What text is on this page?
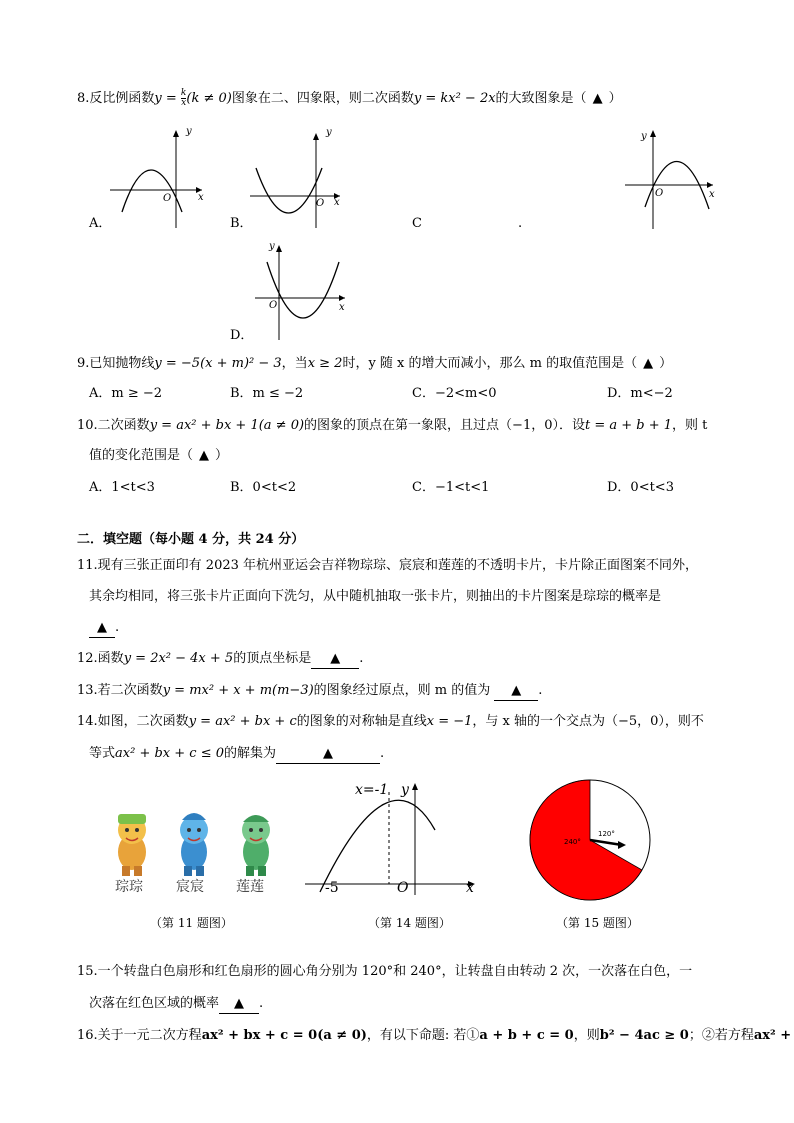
8.反比例函数$y = \frac{k}{x} (k \ne 0)$图象在二、四象限，则二次函数y = kx² − 2x的大致图象是（ ▲ ）
x
y
O
A．
x
y
O
B．	C	.
x
y
O
x
y
O
D．
9.已知抛物线y = −5(x + m)² − 3，当x ≥ 2时，y 随 x 的增大而减小，那么 m 的取值范围是（ ▲ ）
A．m ≥ −2	B．m ≤ −2	C．−2<m<0	D．m<−2
10.二次函数y = ax² + bx + 1(a ≠ 0)的图象的顶点在第一象限，且过点（−1，0）．设t = a + b + 1，则 t
值的变化范围是（ ▲ ）
A．1<t<3	B．0<t<2	C．−1<t<1	D．0<t<3
二．填空题（每小题 4 分，共 24 分）
11.现有三张正面印有 2023 年杭州亚运会吉祥物琮琮、宸宸和莲莲的不透明卡片，卡片除正面图案不同外，
其余均相同，将三张卡片正面向下洗匀，从中随机抽取一张卡片，则抽出的卡片图案是琮琮的概率是
▲ .
12.函数y = 2x² − 4x + 5的顶点坐标是 ▲ .
13.若二次函数y = mx² + x + m(m−3)的图象经过原点，则 m 的值为 ▲ .
14.如图，二次函数y = ax² + bx + c的图象的对称轴是直线x = −1，与 x 轴的一个交点为（−5，0），则不
等式ax² + bx + c ≤ 0的解集为	▲	.
琮琮 宸宸 莲莲
（第 11 题图）
x=-1 y
x
O
-5
（第 14 题图）
120°
240°
（第 15 题图）
15.一个转盘白色扇形和红色扇形的圆心角分别为 120°和 240°，让转盘自由转动 2 次，一次落在白色，一
次落在红色区域的概率 ▲ .
16.关于一元二次方程ax² + bx + c = 0(a ≠ 0)，有以下命题: 若①a + b + c = 0，则b² − 4ac ≥ 0；②若方程ax² +
